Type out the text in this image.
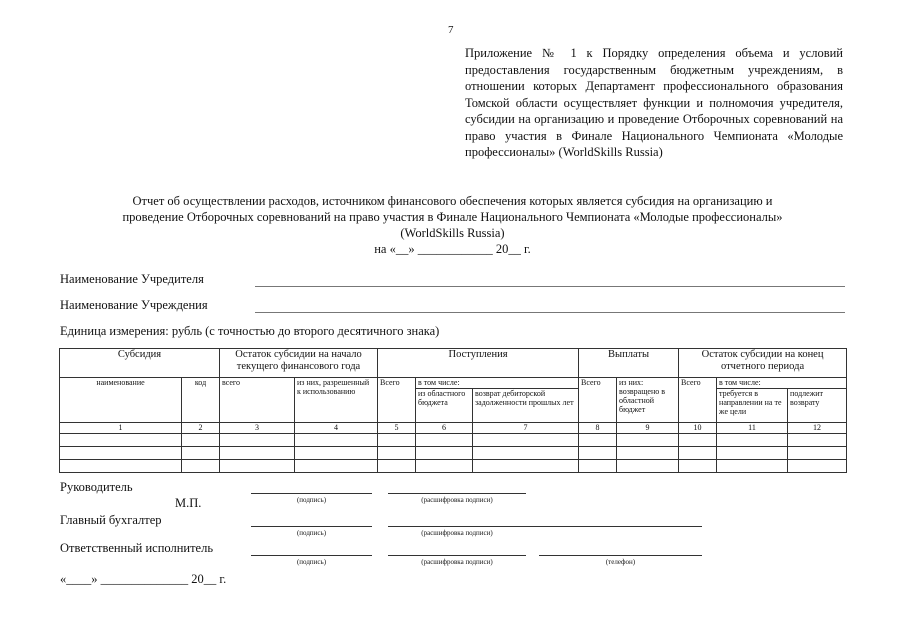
7
Приложение № 1 к Порядку определения объема и условий предоставления государственным бюджетным учреждениям, в отношении которых Департамент профессионального образования Томской области осуществляет функции и полномочия учредителя, субсидии на организацию и проведение Отборочных соревнований на право участия в Финале Национального Чемпионата «Молодые профессионалы» (WorldSkills Russia)
Отчет об осуществлении расходов, источником финансового обеспечения которых является субсидия на организацию и
проведение Отборочных соревнований на право участия в Финале Национального Чемпионата «Молодые профессионалы»
(WorldSkills Russia)
на «__» ____________ 20__ г.
Наименование Учредителя
Наименование Учреждения
Единица измерения: рубль (с точностью до второго десятичного знака)
Субсидия		Остаток субсидии на начало текущего финансового года		Поступления			Выплаты		Остаток субсидии на конец отчетного периода		
наименование	код	всего	из них, разрешенный к использованию	Всего	в том числе:		Всего	из них: возвращено в областной бюджет	Всего	в том числе:	
					из областного бюджета	возврат дебиторской задолженности прошлых лет				требуется в направлении на те же цели	подлежит возврату
1	2	3	4	5	6	7	8	9	10	11	12

Руководитель
М.П.	(подпись)	(расшифровка подписи)
Главный бухгалтер
(подпись)	(расшифровка подписи)
Ответственный исполнитель
(подпись)	(расшифровка подписи)	(телефон)
«____» ______________ 20__ г.
